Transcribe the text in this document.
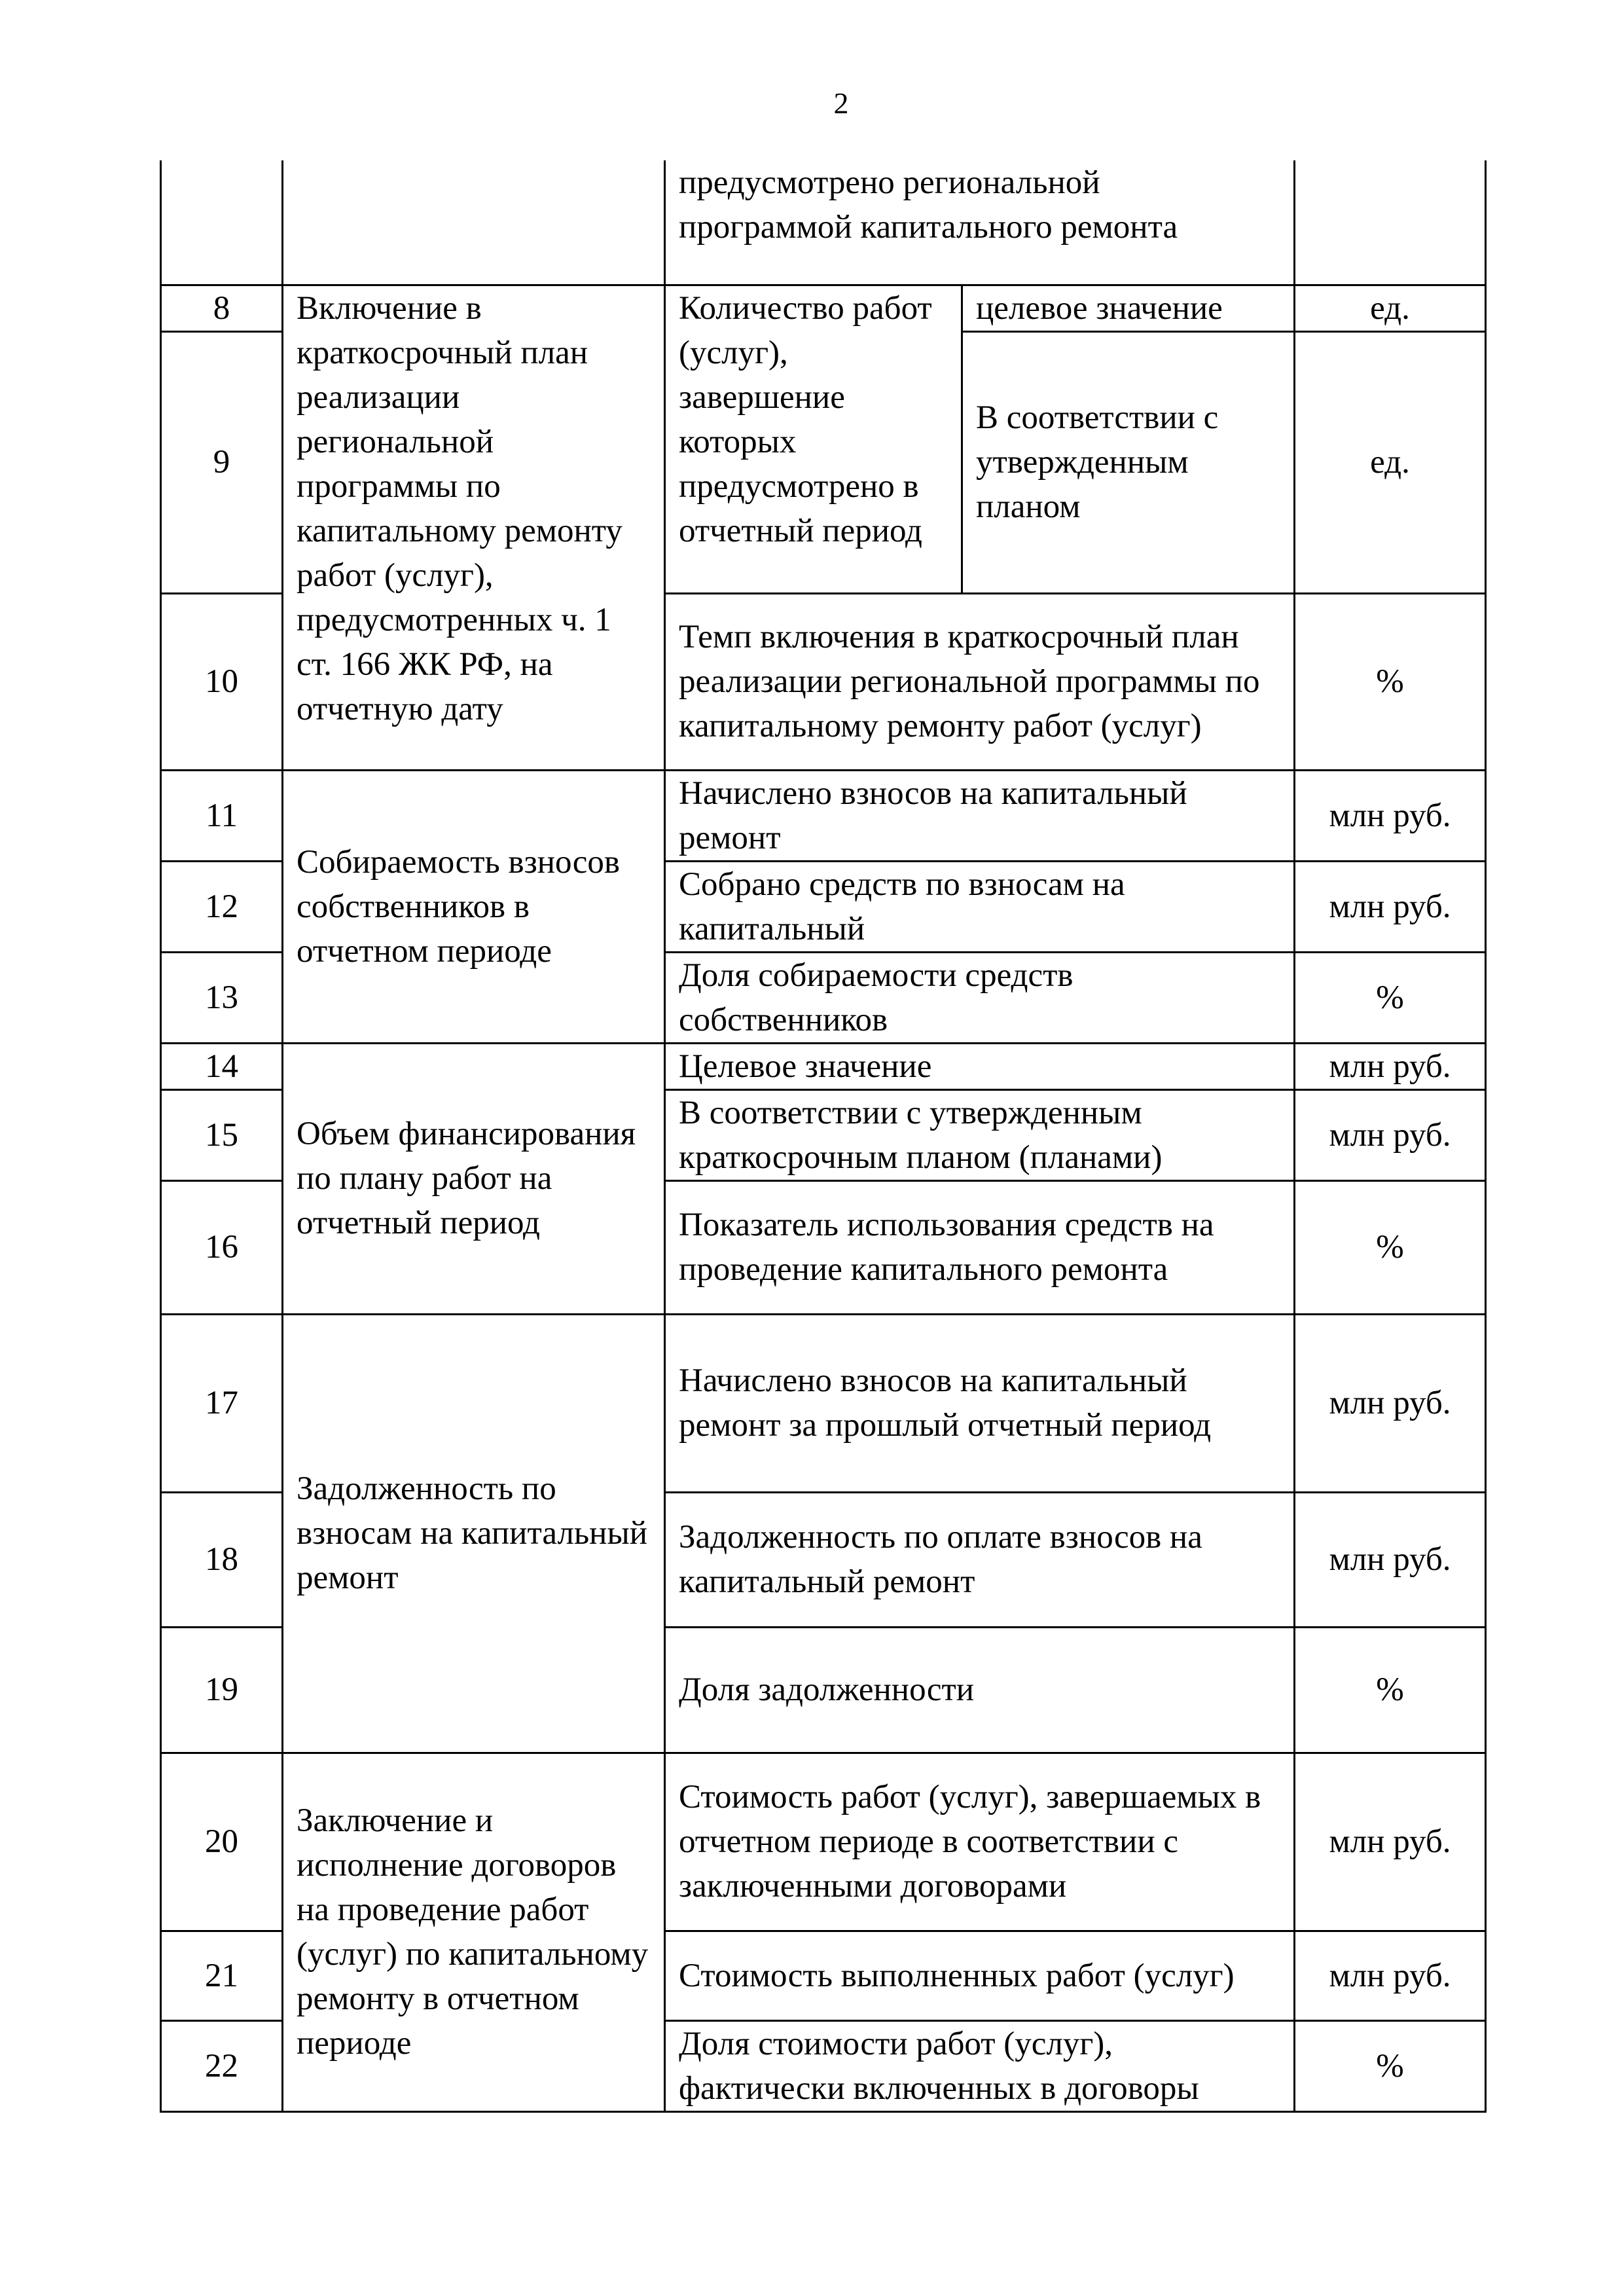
2

		предусмотрено региональной программой капитального ремонта		

8	Включение в краткосрочный план реализации региональной программы по капитальному ремонту работ (услуг), предусмотренных ч. 1 ст. 166 ЖК РФ, на отчетную дату	Количество работ (услуг), завершение которых предусмотрено в отчетный период	целевое значение	ед.
9			В соответствии с утвержденным планом	ед.
10		Темп включения в краткосрочный план реализации региональной программы по капитальному ремонту работ (услуг)		%
11	Собираемость взносов собственников в отчетном периоде	Начислено взносов на капитальный ремонт		млн руб.
12		Собрано средств по взносам на капитальный		млн руб.
13		Доля собираемости средств собственников		%
14	Объем финансирования по плану работ на отчетный период	Целевое значение		млн руб.
15		В соответствии с утвержденным краткосрочным планом (планами)		млн руб.
16		Показатель использования средств на проведение капитального ремонта		%
17	Задолженность по взносам на капитальный ремонт	Начислено взносов на капитальный ремонт за прошлый отчетный период		млн руб.
18		Задолженность по оплате взносов на капитальный ремонт		млн руб.
19		Доля задолженности		%
20	Заключение и исполнение договоров на проведение работ (услуг) по капитальному ремонту в отчетном периоде	Стоимость работ (услуг), завершаемых в отчетном периоде в соответствии с заключенными договорами		млн руб.
21		Стоимость выполненных работ (услуг)		млн руб.
22		Доля стоимости работ (услуг), фактически включенных в договоры		%
